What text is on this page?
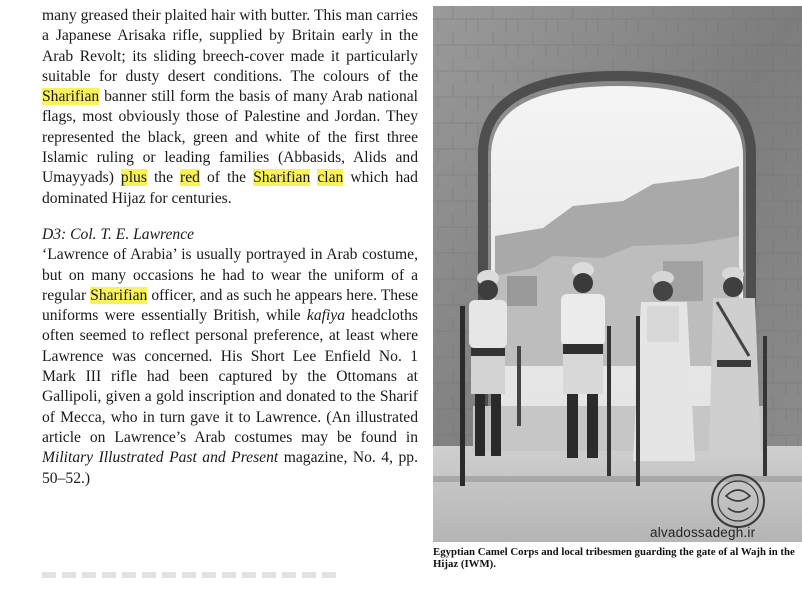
many greased their plaited hair with butter. This man carries a Japanese Arisaka rifle, supplied by Britain early in the Arab Revolt; its sliding breech-cover made it particularly suitable for dusty desert conditions. The colours of the Sharifian banner still form the basis of many Arab national flags, most obviously those of Palestine and Jordan. They represented the black, green and white of the first three Islamic ruling or leading families (Abbasids, Alids and Umayyads) plus the red of the Sharifian clan which had dominated Hijaz for centuries.

D3: Col. T. E. Lawrence

‘Lawrence of Arabia’ is usually portrayed in Arab costume, but on many occasions he had to wear the uniform of a regular Sharifian officer, and as such he appears here. These uniforms were essentially British, while kafiya headcloths often seemed to reflect personal preference, at least where Lawrence was concerned. His Short Lee Enfield No. 1 Mark III rifle had been captured by the Ottomans at Gallipoli, given a gold inscription and donated to the Sharif of Mecca, who in turn gave it to Lawrence. (An illustrated article on Lawrence’s Arab costumes may be found in Military Illustrated Past and Present magazine, No. 4, pp. 50–52.)

alvadossadegh.ir
Egyptian Camel Corps and local tribesmen guarding the gate of al Wajh in the Hijaz (IWM).
